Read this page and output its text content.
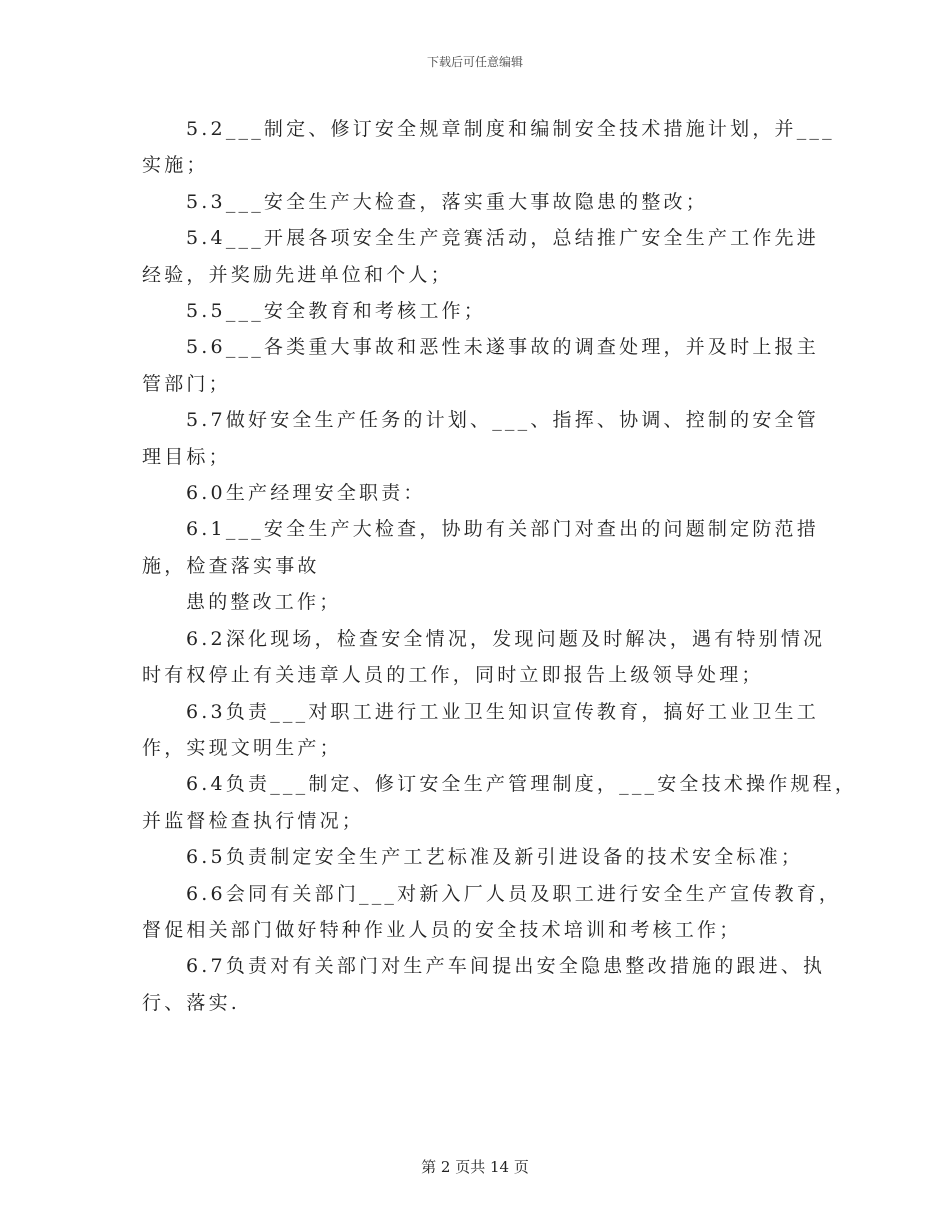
下载后可任意编辑
5.2___制定、修订安全规章制度和编制安全技术措施计划，并___
实施；
5.3___安全生产大检查，落实重大事故隐患的整改；
5.4___开展各项安全生产竞赛活动，总结推广安全生产工作先进
经验，并奖励先进单位和个人；
5.5___安全教育和考核工作；
5.6___各类重大事故和恶性未遂事故的调查处理，并及时上报主
管部门；
5.7做好安全生产任务的计划、___、指挥、协调、控制的安全管
理目标；
6.0生产经理安全职责：
6.1___安全生产大检查，协助有关部门对查出的问题制定防范措
施，检查落实事故
患的整改工作；
6.2深化现场，检查安全情况，发现问题及时解决，遇有特别情况
时有权停止有关违章人员的工作，同时立即报告上级领导处理；
6.3负责___对职工进行工业卫生知识宣传教育，搞好工业卫生工
作，实现文明生产；
6.4负责___制定、修订安全生产管理制度，___安全技术操作规程，
并监督检查执行情况；
6.5负责制定安全生产工艺标准及新引进设备的技术安全标准；
6.6会同有关部门___对新入厂人员及职工进行安全生产宣传教育，
督促相关部门做好特种作业人员的安全技术培训和考核工作；
6.7负责对有关部门对生产车间提出安全隐患整改措施的跟进、执
行、落实.
第 2 页共 14 页
